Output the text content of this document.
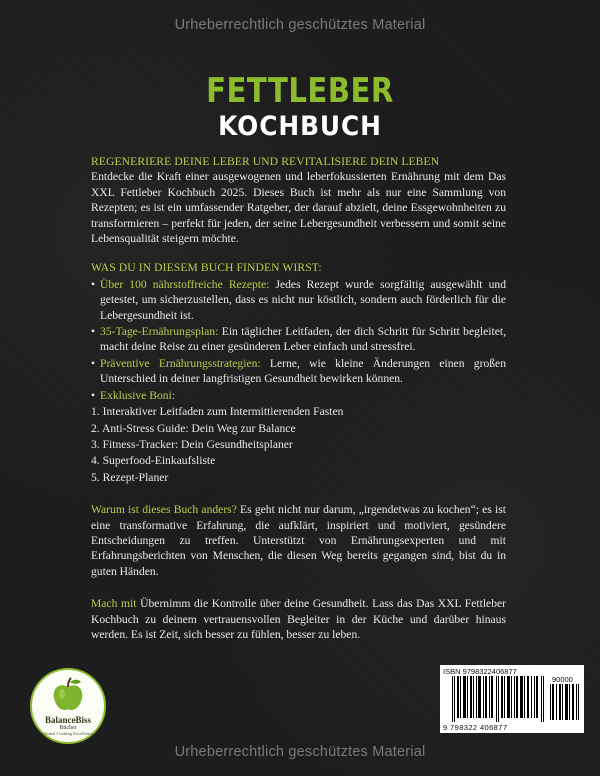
Urheberrechtlich geschütztes Material
FETTLEBER
KOCHBUCH

REGENERIERE DEINE LEBER UND REVITALISIERE DEIN LEBEN

Entdecke die Kraft einer ausgewogenen und leberfokussierten Ernährung mit dem Das XXL Fettleber Kochbuch 2025. Dieses Buch ist mehr als nur eine Sammlung von Rezepten; es ist ein umfassender Ratgeber, der darauf abzielt, deine Essgewohnheiten zu transformieren – perfekt für jeden, der seine Lebergesundheit verbessern und somit seine Lebensqualität steigern möchte.

WAS DU IN DIESEM BUCH FINDEN WIRST:

• Über 100 nährstoffreiche Rezepte: Jedes Rezept wurde sorgfältig ausgewählt und getestet, um sicherzustellen, dass es nicht nur köstlich, sondern auch förderlich für die Lebergesundheit ist.
• 35-Tage-Ernährungsplan: Ein täglicher Leitfaden, der dich Schritt für Schritt begleitet, macht deine Reise zu einer gesünderen Leber einfach und stressfrei.
• Präventive Ernährungsstrategien: Lerne, wie kleine Änderungen einen großen Unterschied in deiner langfristigen Gesundheit bewirken können.
• Exklusive Boni:
1. Interaktiver Leitfaden zum Intermittierenden Fasten
2. Anti-Stress Guide: Dein Weg zur Balance
3. Fitness-Tracker: Dein Gesundheitsplaner
4. Superfood-Einkaufsliste
5. Rezept-Planer

Warum ist dieses Buch anders? Es geht nicht nur darum, „irgendetwas zu kochen“; es ist eine transformative Erfahrung, die aufklärt, inspiriert und motiviert, gesündere Entscheidungen zu treffen. Unterstützt von Ernährungsexperten und mit Erfahrungsberichten von Menschen, die diesen Weg bereits gegangen sind, bist du in guten Händen.

Mach mit Übernimm die Kontrolle über deine Gesundheit. Lass das Das XXL Fettleber Kochbuch zu deinem vertrauensvollen Begleiter in der Küche und darüber hinaus werden. Es ist Zeit, sich besser zu fühlen, besser zu leben.

BalanceBiss
Bücher
Global Cooking Excellence
ISBN 9798322406877
90000
9 798322 406877
Urheberrechtlich geschütztes Material
